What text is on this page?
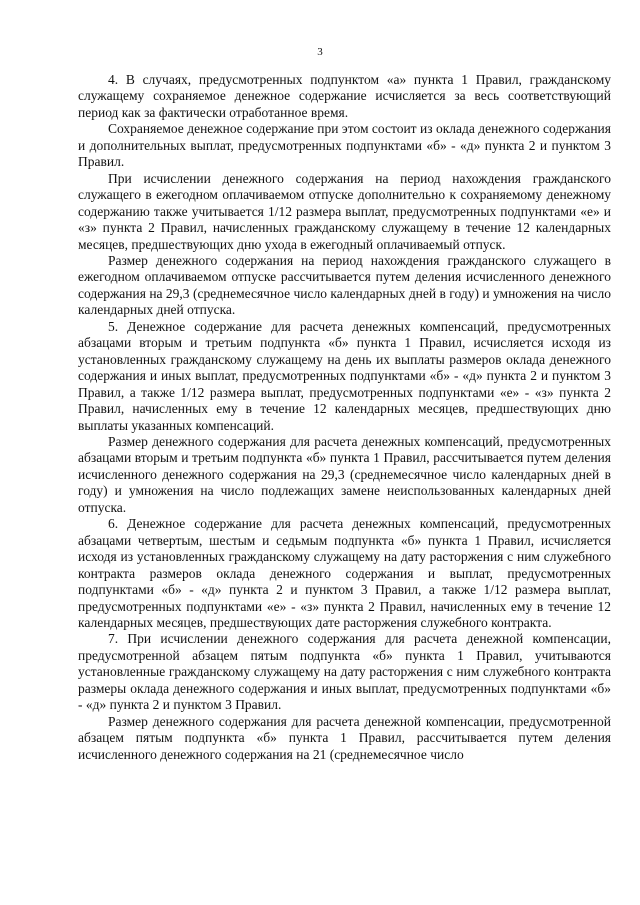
3

4. В случаях, предусмотренных подпунктом «а» пункта 1 Правил, гражданскому служащему сохраняемое денежное содержание исчисляется за весь соответствующий период как за фактически отработанное время.

Сохраняемое денежное содержание при этом состоит из оклада денежного содержания и дополнительных выплат, предусмотренных подпунктами «б» - «д» пункта 2 и пунктом 3 Правил.

При исчислении денежного содержания на период нахождения гражданского служащего в ежегодном оплачиваемом отпуске дополнительно к сохраняемому денежному содержанию также учитывается 1/12 размера выплат, предусмотренных подпунктами «е» и «з» пункта 2 Правил, начисленных гражданскому служащему в течение 12 календарных месяцев, предшествующих дню ухода в ежегодный оплачиваемый отпуск.

Размер денежного содержания на период нахождения гражданского служащего в ежегодном оплачиваемом отпуске рассчитывается путем деления исчисленного денежного содержания на 29,3 (среднемесячное число календарных дней в году) и умножения на число календарных дней отпуска.

5. Денежное содержание для расчета денежных компенсаций, предусмотренных абзацами вторым и третьим подпункта «б» пункта 1 Правил, исчисляется исходя из установленных гражданскому служащему на день их выплаты размеров оклада денежного содержания и иных выплат, предусмотренных подпунктами «б» - «д» пункта 2 и пунктом 3 Правил, а также 1/12 размера выплат, предусмотренных подпунктами «е» - «з» пункта 2 Правил, начисленных ему в течение 12 календарных месяцев, предшествующих дню выплаты указанных компенсаций.

Размер денежного содержания для расчета денежных компенсаций, предусмотренных абзацами вторым и третьим подпункта «б» пункта 1 Правил, рассчитывается путем деления исчисленного денежного содержания на 29,3 (среднемесячное число календарных дней в году) и умножения на число подлежащих замене неиспользованных календарных дней отпуска.

6. Денежное содержание для расчета денежных компенсаций, предусмотренных абзацами четвертым, шестым и седьмым подпункта «б» пункта 1 Правил, исчисляется исходя из установленных гражданскому служащему на дату расторжения с ним служебного контракта размеров оклада денежного содержания и выплат, предусмотренных подпунктами «б» - «д» пункта 2 и пунктом 3 Правил, а также 1/12 размера выплат, предусмотренных подпунктами «е» - «з» пункта 2 Правил, начисленных ему в течение 12 календарных месяцев, предшествующих дате расторжения служебного контракта.

7. При исчислении денежного содержания для расчета денежной компенсации, предусмотренной абзацем пятым подпункта «б» пункта 1 Правил, учитываются установленные гражданскому служащему на дату расторжения с ним служебного контракта размеры оклада денежного содержания и иных выплат, предусмотренных подпунктами «б» - «д» пункта 2 и пунктом 3 Правил.

Размер денежного содержания для расчета денежной компенсации, предусмотренной абзацем пятым подпункта «б» пункта 1 Правил, рассчитывается путем деления исчисленного денежного содержания на 21 (среднемесячное число
